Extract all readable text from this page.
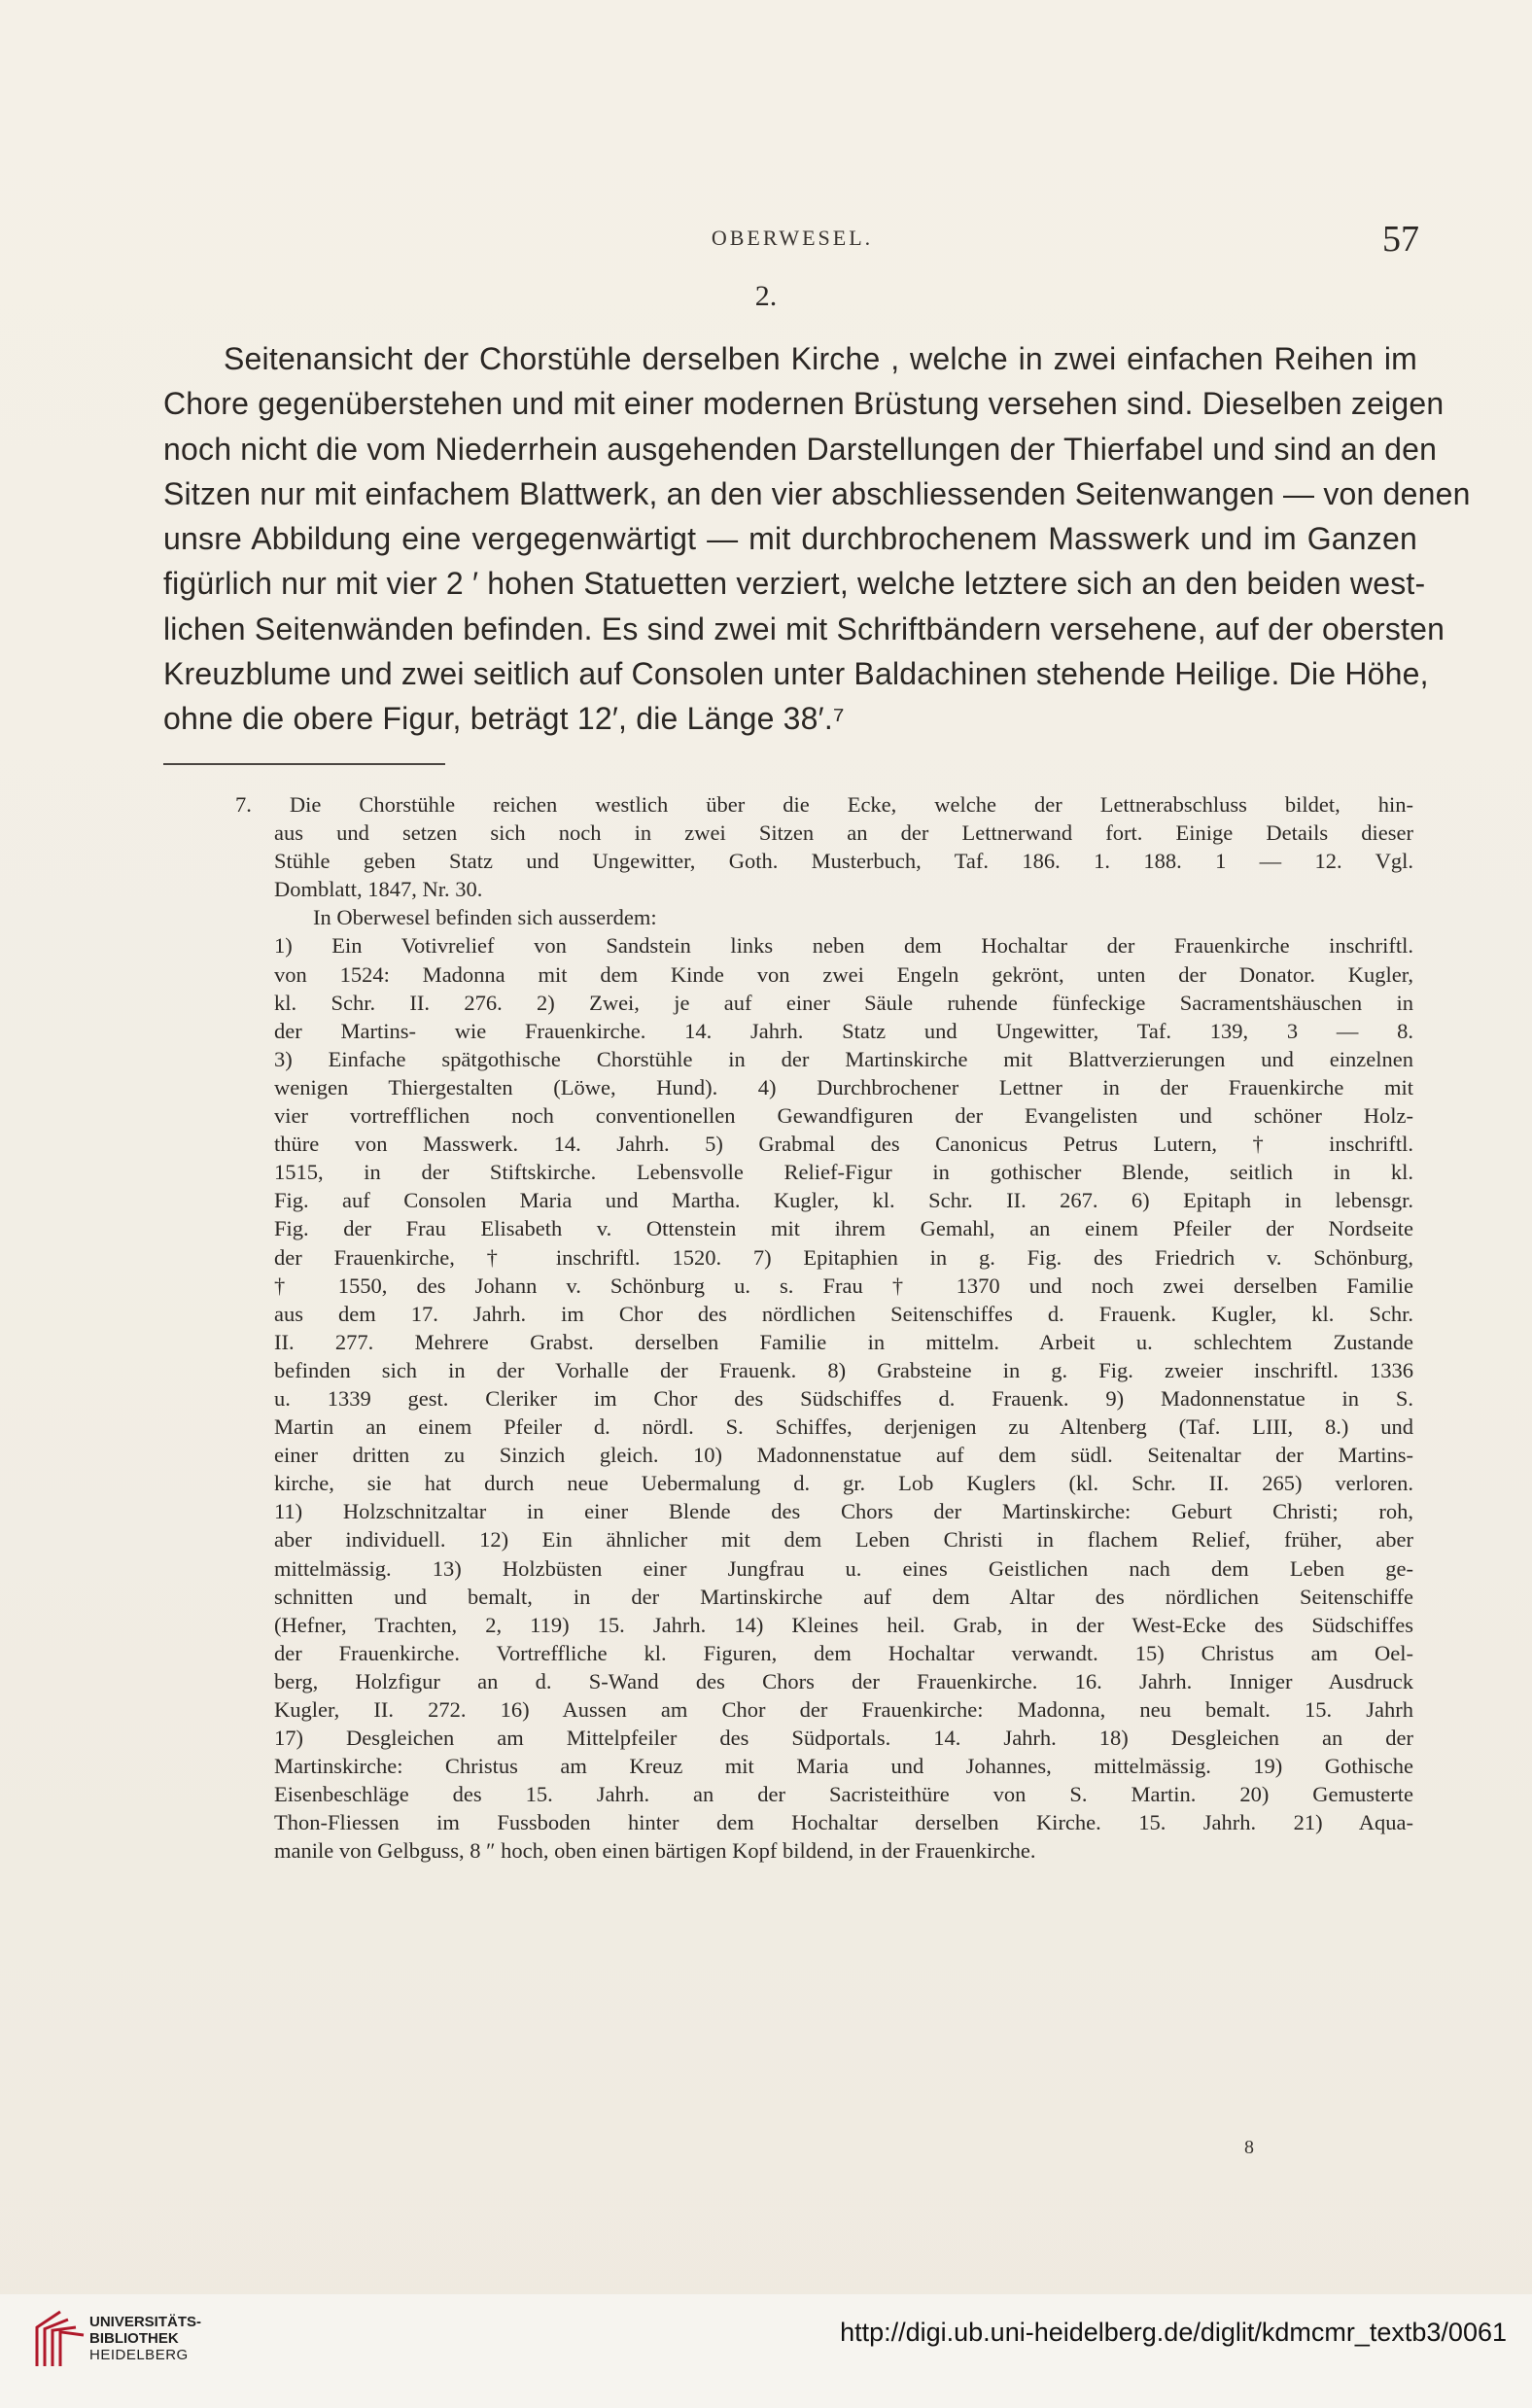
OBERWESEL.	57
2.
Seitenansicht der Chorstühle derselben Kirche , welche in zwei einfachen Reihen im
Chore gegenüberstehen und mit einer modernen Brüstung versehen sind. Dieselben zeigen
noch nicht die vom Niederrhein ausgehenden Darstellungen der Thierfabel und sind an den
Sitzen nur mit einfachem Blattwerk, an den vier abschliessenden Seitenwangen — von denen
unsre Abbildung eine vergegenwärtigt — mit durchbrochenem Masswerk und im Ganzen
figürlich nur mit vier 2 ′ hohen Statuetten verziert, welche letztere sich an den beiden west-
lichen Seitenwänden befinden. Es sind zwei mit Schriftbändern versehene, auf der obersten
Kreuzblume und zwei seitlich auf Consolen unter Baldachinen stehende Heilige. Die Höhe,
ohne die obere Figur, beträgt 12′, die Länge 38′.⁷
7. Die Chorstühle reichen westlich über die Ecke, welche der Lettnerabschluss bildet, hin-
aus und setzen sich noch in zwei Sitzen an der Lettnerwand fort. Einige Details dieser
Stühle geben Statz und Ungewitter, Goth. Musterbuch, Taf. 186. 1. 188. 1 — 12. Vgl.
Domblatt, 1847, Nr. 30.
In Oberwesel befinden sich ausserdem:
1) Ein Votivrelief von Sandstein links neben dem Hochaltar der Frauenkirche inschriftl.
von 1524: Madonna mit dem Kinde von zwei Engeln gekrönt, unten der Donator. Kugler,
kl. Schr. II. 276. 2) Zwei, je auf einer Säule ruhende fünfeckige Sacramentshäuschen in
der Martins- wie Frauenkirche. 14. Jahrh. Statz und Ungewitter, Taf. 139, 3 — 8.
3) Einfache spätgothische Chorstühle in der Martinskirche mit Blattverzierungen und einzelnen
wenigen Thiergestalten (Löwe, Hund). 4) Durchbrochener Lettner in der Frauenkirche mit
vier vortrefflichen noch conventionellen Gewandfiguren der Evangelisten und schöner Holz-
thüre von Masswerk. 14. Jahrh. 5) Grabmal des Canonicus Petrus Lutern, † inschriftl.
1515, in der Stiftskirche. Lebensvolle Relief-Figur in gothischer Blende, seitlich in kl.
Fig. auf Consolen Maria und Martha. Kugler, kl. Schr. II. 267. 6) Epitaph in lebensgr.
Fig. der Frau Elisabeth v. Ottenstein mit ihrem Gemahl, an einem Pfeiler der Nordseite
der Frauenkirche, † inschriftl. 1520. 7) Epitaphien in g. Fig. des Friedrich v. Schönburg,
† 1550, des Johann v. Schönburg u. s. Frau † 1370 und noch zwei derselben Familie
aus dem 17. Jahrh. im Chor des nördlichen Seitenschiffes d. Frauenk. Kugler, kl. Schr.
II. 277. Mehrere Grabst. derselben Familie in mittelm. Arbeit u. schlechtem Zustande
befinden sich in der Vorhalle der Frauenk. 8) Grabsteine in g. Fig. zweier inschriftl. 1336
u. 1339 gest. Cleriker im Chor des Südschiffes d. Frauenk. 9) Madonnenstatue in S.
Martin an einem Pfeiler d. nördl. S. Schiffes, derjenigen zu Altenberg (Taf. LIII, 8.) und
einer dritten zu Sinzich gleich. 10) Madonnenstatue auf dem südl. Seitenaltar der Martins-
kirche, sie hat durch neue Uebermalung d. gr. Lob Kuglers (kl. Schr. II. 265) verloren.
11) Holzschnitzaltar in einer Blende des Chors der Martinskirche: Geburt Christi; roh,
aber individuell. 12) Ein ähnlicher mit dem Leben Christi in flachem Relief, früher, aber
mittelmässig. 13) Holzbüsten einer Jungfrau u. eines Geistlichen nach dem Leben ge-
schnitten und bemalt, in der Martinskirche auf dem Altar des nördlichen Seitenschiffe
(Hefner, Trachten, 2, 119) 15. Jahrh. 14) Kleines heil. Grab, in der West-Ecke des Südschiffes
der Frauenkirche. Vortreffliche kl. Figuren, dem Hochaltar verwandt. 15) Christus am Oel-
berg, Holzfigur an d. S-Wand des Chors der Frauenkirche. 16. Jahrh. Inniger Ausdruck
Kugler, II. 272. 16) Aussen am Chor der Frauenkirche: Madonna, neu bemalt. 15. Jahrh
17) Desgleichen am Mittelpfeiler des Südportals. 14. Jahrh. 18) Desgleichen an der
Martinskirche: Christus am Kreuz mit Maria und Johannes, mittelmässig. 19) Gothische
Eisenbeschläge des 15. Jahrh. an der Sacristeithüre von S. Martin. 20) Gemusterte
Thon-Fliessen im Fussboden hinter dem Hochaltar derselben Kirche. 15. Jahrh. 21) Aqua-
manile von Gelbguss, 8 ″ hoch, oben einen bärtigen Kopf bildend, in der Frauenkirche.
8
UNIVERSITÄTS-
BIBLIOTHEK
HEIDELBERG
http://digi.ub.uni-heidelberg.de/diglit/kdmcmr_textb3/0061
